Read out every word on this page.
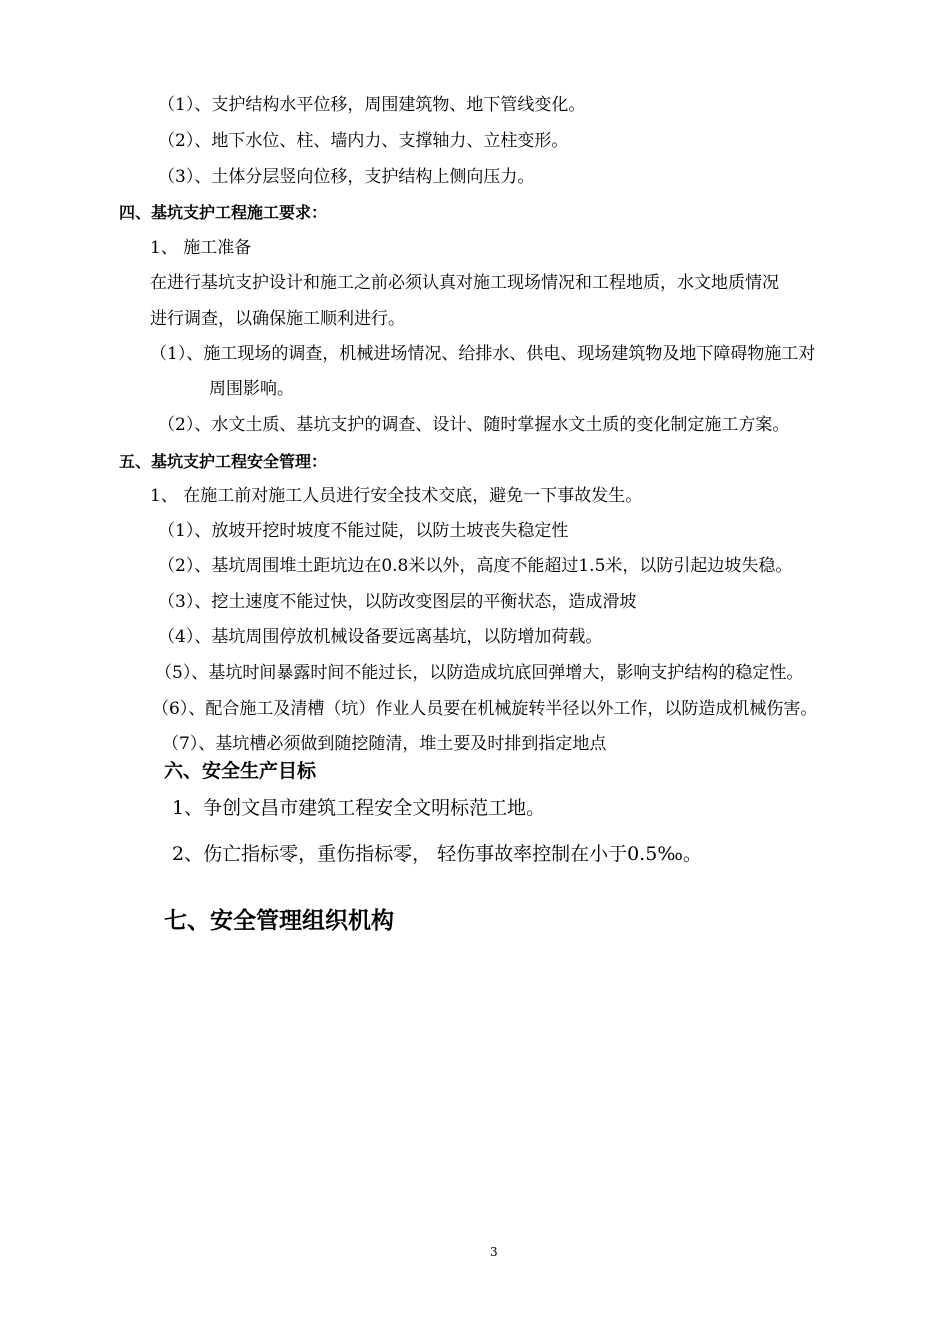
（1）、支护结构水平位移，周围建筑物、地下管线变化。
（2）、地下水位、柱、墙内力、支撑轴力、立柱变形。
（3）、土体分层竖向位移，支护结构上侧向压力。
四、基坑支护工程施工要求：
1、 施工准备
在进行基坑支护设计和施工之前必须认真对施工现场情况和工程地质，水文地质情况
进行调查，以确保施工顺利进行。
（1）、施工现场的调查，机械进场情况、给排水、供电、现场建筑物及地下障碍物施工对
周围影响。
（2）、水文土质、基坑支护的调查、设计、随时掌握水文土质的变化制定施工方案。
五、基坑支护工程安全管理：
1、 在施工前对施工人员进行安全技术交底，避免一下事故发生。
（1）、放坡开挖时坡度不能过陡，以防土坡丧失稳定性
（2）、基坑周围堆土距坑边在0.8米以外，高度不能超过1.5米，以防引起边坡失稳。
（3）、挖土速度不能过快，以防改变图层的平衡状态，造成滑坡
（4）、基坑周围停放机械设备要远离基坑，以防增加荷载。
（5）、基坑时间暴露时间不能过长，以防造成坑底回弹增大，影响支护结构的稳定性。
（6）、配合施工及清槽（坑）作业人员要在机械旋转半径以外工作，以防造成机械伤害。
（7）、基坑槽必须做到随挖随清，堆土要及时排到指定地点
六、安全生产目标
1、争创文昌市建筑工程安全文明标范工地。
2、伤亡指标零，重伤指标零， 轻伤事故率控制在小于0.5‰。
七、安全管理组织机构
3
